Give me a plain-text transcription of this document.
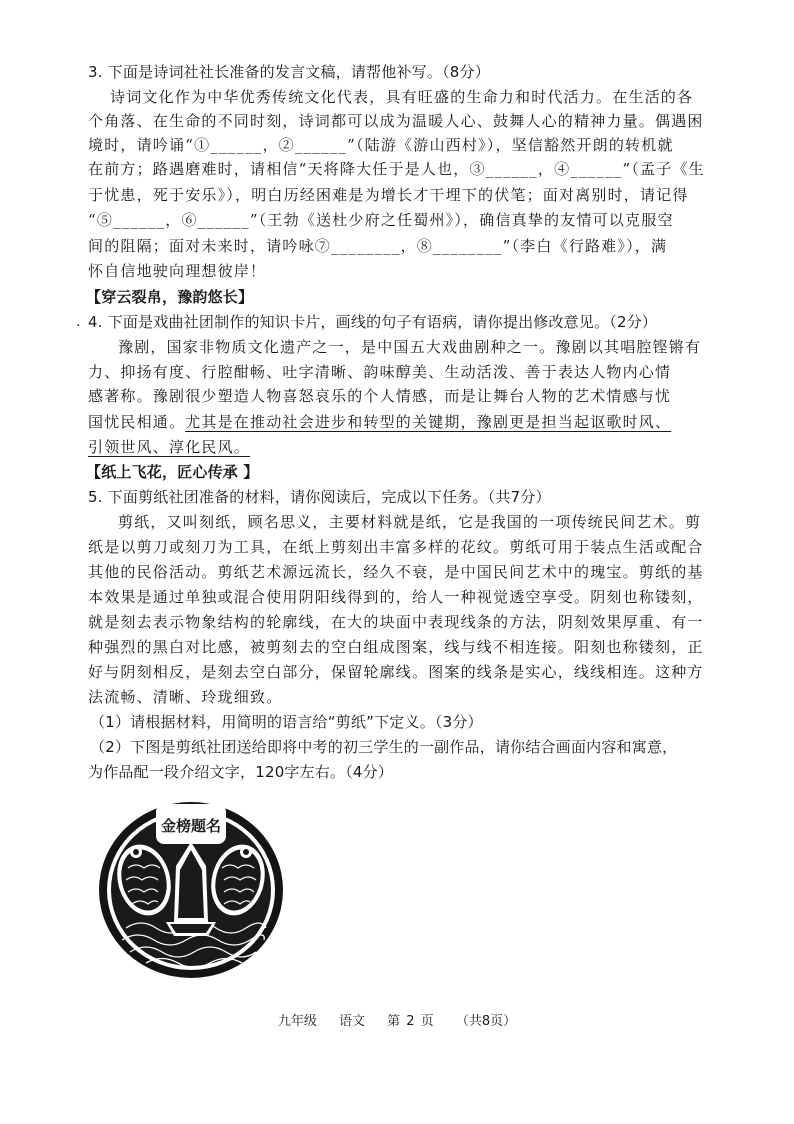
3. 下面是诗词社社长准备的发言文稿，请帮他补写。（8分）
诗词文化作为中华优秀传统文化代表，具有旺盛的生命力和时代活力。在生活的各
个角落、在生命的不同时刻，诗词都可以成为温暖人心、鼓舞人心的精神力量。偶遇困
境时，请吟诵“①______，②______”（陆游《游山西村》），坚信豁然开朗的转机就
在前方；路遇磨难时，请相信“天将降大任于是人也，③______，④______”（孟子《生
于忧患，死于安乐》），明白历经困难是为增长才干埋下的伏笔；面对离别时，请记得
“⑤______，⑥______”（王勃《送杜少府之任蜀州》），确信真挚的友情可以克服空
间的阻隔；面对未来时，请吟咏⑦________，⑧________”（李白《行路难》），满
怀自信地驶向理想彼岸！
【穿云裂帛，豫韵悠长】
· 4. 下面是戏曲社团制作的知识卡片，画线的句子有语病，请你提出修改意见。（2分）
豫剧，国家非物质文化遗产之一，是中国五大戏曲剧种之一。豫剧以其唱腔铿锵有
力、抑扬有度、行腔酣畅、吐字清晰、韵味醇美、生动活泼、善于表达人物内心情
感著称。豫剧很少塑造人物喜怒哀乐的个人情感，而是让舞台人物的艺术情感与忧
国忧民相通。尤其是在推动社会进步和转型的关键期，豫剧更是担当起讴歌时风、
引领世风、淳化民风。
【纸上飞花，匠心传承 】
5. 下面剪纸社团准备的材料，请你阅读后，完成以下任务。（共7分）
剪纸，又叫刻纸，顾名思义，主要材料就是纸，它是我国的一项传统民间艺术。剪
纸是以剪刀或刻刀为工具，在纸上剪刻出丰富多样的花纹。剪纸可用于装点生活或配合
其他的民俗活动。剪纸艺术源远流长，经久不衰，是中国民间艺术中的瑰宝。剪纸的基
本效果是通过单独或混合使用阴阳线得到的，给人一种视觉透空享受。阴刻也称镂刻，
就是刻去表示物象结构的轮廓线，在大的块面中表现线条的方法，阴刻效果厚重、有一
种强烈的黑白对比感，被剪刻去的空白组成图案，线与线不相连接。阳刻也称镂刻，正
好与阴刻相反，是刻去空白部分，保留轮廓线。图案的线条是实心，线线相连。这种方
法流畅、清晰、玲珑细致。
（1）请根据材料，用简明的语言给“剪纸”下定义。（3分）
（2）下图是剪纸社团送给即将中考的初三学生的一副作品，请你结合画面内容和寓意，
为作品配一段介绍文字，120字左右。（4分）
金榜题名
九年级 语文 第 2 页 （共8页）
